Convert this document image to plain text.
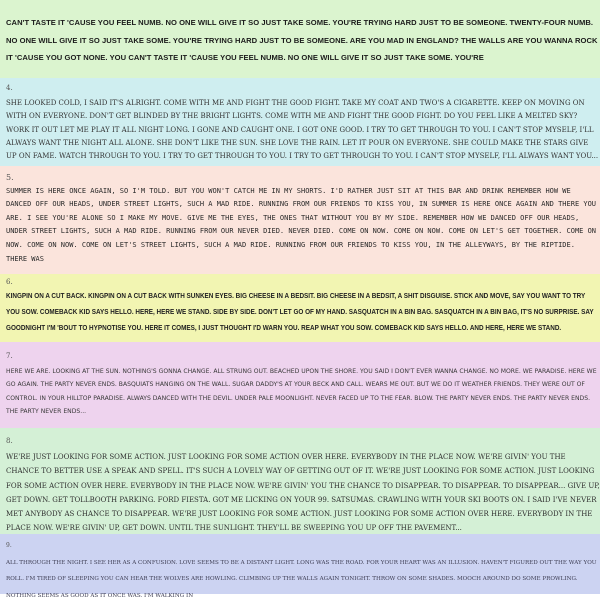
CAN'T TASTE IT 'CAUSE YOU FEEL NUMB. NO ONE WILL GIVE IT SO JUST TAKE SOME. YOU'RE TRYING HARD JUST TO BE SOMEONE. TWENTY-FOUR NUMB. NO ONE WILL GIVE IT SO JUST TAKE SOME. YOU'RE TRYING HARD JUST TO BE SOMEONE. ARE YOU MAD IN ENGLAND? THE WALLS ARE YOU WANNA ROCK IT 'CAUSE YOU GOT NONE. YOU CAN'T TASTE IT 'CAUSE YOU FEEL NUMB. NO ONE WILL GIVE IT SO JUST TAKE SOME. YOU'RE
4.
SHE LOOKED COLD, I SAID IT'S ALRIGHT. COME WITH ME AND FIGHT THE GOOD FIGHT. TAKE MY COAT AND TWO'S A CIGARETTE. KEEP ON MOVING ON WITH ON EVERYONE. DON'T GET BLINDED BY THE BRIGHT LIGHTS. COME WITH ME AND FIGHT THE GOOD FIGHT. DO YOU FEEL LIKE A MELTED SKY? WORK IT OUT LET ME PLAY IT ALL NIGHT LONG. I GONE AND CAUGHT ONE. I GOT ONE GOOD. I TRY TO GET THROUGH TO YOU. I CAN'T STOP MYSELF, I'LL ALWAYS WANT THE NIGHT ALL ALONE. SHE DON'T LIKE THE SUN. SHE LOVE THE RAIN. LET IT POUR ON EVERYONE. SHE COULD MAKE THE STARS GIVE UP ON FAME. WATCH THROUGH TO YOU. I TRY TO GET THROUGH TO YOU. I TRY TO GET THROUGH TO YOU. I CAN'T STOP MYSELF, I'LL ALWAYS WANT YOU...
5.
SUMMER IS HERE ONCE AGAIN, SO I'M TOLD. BUT YOU WON'T CATCH ME IN MY SHORTS. I'D RATHER JUST SIT AT THIS BAR AND DRINK REMEMBER HOW WE DANCED OFF OUR HEADS, UNDER STREET LIGHTS, SUCH A MAD RIDE. RUNNING FROM OUR FRIENDS TO KISS YOU, IN SUMMER IS HERE ONCE AGAIN AND THERE YOU ARE. I SEE YOU'RE ALONE SO I MAKE MY MOVE. GIVE ME THE EYES, THE ONES THAT WITHOUT YOU BY MY SIDE. REMEMBER HOW WE DANCED OFF OUR HEADS, UNDER STREET LIGHTS, SUCH A MAD RIDE. RUNNING FROM OUR NEVER DIED. NEVER DIED. COME ON NOW. COME ON NOW. COME ON LET'S GET TOGETHER. COME ON NOW. COME ON NOW. COME ON LET'S STREET LIGHTS, SUCH A MAD RIDE. RUNNING FROM OUR FRIENDS TO KISS YOU, IN THE ALLEYWAYS, BY THE RIPTIDE. THERE WAS
6.
KINGPIN ON A CUT BACK. KINGPIN ON A CUT BACK WITH SUNKEN EYES. BIG CHEESE IN A BEDSIT. BIG CHEESE IN A BEDSIT, A SHIT DISGUISE. STICK AND MOVE, SAY YOU WANT TO TRY YOU SOW. COMEBACK KID SAYS HELLO. HERE, HERE WE STAND. SIDE BY SIDE. DON'T LET GO OF MY HAND. SASQUATCH IN A BIN BAG. SASQUATCH IN A BIN BAG, IT'S NO SURPRISE. SAY GOODNIGHT I'M 'BOUT TO HYPNOTISE YOU. HERE IT COMES, I JUST THOUGHT I'D WARN YOU. REAP WHAT YOU SOW. COMEBACK KID SAYS HELLO. AND HERE, HERE WE STAND.
7.
HERE WE ARE. LOOKING AT THE SUN. NOTHING'S GONNA CHANGE. ALL STRUNG OUT. BEACHED UPON THE SHORE. YOU SAID I DON'T EVER WANNA CHANGE. NO MORE. WE PARADISE. HERE WE GO AGAIN. THE PARTY NEVER ENDS. BASQUIATS HANGING ON THE WALL. SUGAR DADDY'S AT YOUR BECK AND CALL. WEARS ME OUT. BUT WE DO IT WEATHER FRIENDS. THEY WERE OUT OF CONTROL. IN YOUR HILLTOP PARADISE. ALWAYS DANCED WITH THE DEVIL. UNDER PALE MOONLIGHT. NEVER FACED UP TO THE FEAR. BLOW. THE PARTY NEVER ENDS. THE PARTY NEVER ENDS. THE PARTY NEVER ENDS...
8.
WE'RE JUST LOOKING FOR SOME ACTION. JUST LOOKING FOR SOME ACTION OVER HERE. EVERYBODY IN THE PLACE NOW. WE'RE GIVIN' YOU THE CHANCE TO BETTER USE A SPEAK AND SPELL. IT'S SUCH A LOVELY WAY OF GETTING OUT OF IT. WE'RE JUST LOOKING FOR SOME ACTION. JUST LOOKING FOR SOME ACTION OVER HERE. EVERYBODY IN THE PLACE NOW. WE'RE GIVIN' YOU THE CHANCE TO DISAPPEAR. TO DISAPPEAR. TO DISAPPEAR... GIVE UP, GET DOWN. GET TOLLBOOTH PARKING. FORD FIESTA. GOT ME LICKING ON YOUR 99. SATSUMAS. CRAWLING WITH YOUR SKI BOOTS ON. I SAID I'VE NEVER MET ANYBODY AS CHANCE TO DISAPPEAR. WE'RE JUST LOOKING FOR SOME ACTION. JUST LOOKING FOR SOME ACTION OVER HERE. EVERYBODY IN THE PLACE NOW. WE'RE GIVIN' UP, GET DOWN. UNTIL THE SUNLIGHT. THEY'LL BE SWEEPING YOU UP OFF THE PAVEMENT...
9.
ALL THROUGH THE NIGHT. I SEE HER AS A CONFUSION. LOVE SEEMS TO BE A DISTANT LIGHT. LONG WAS THE ROAD. FOR YOUR HEART WAS AN ILLUSION. HAVEN'T FIGURED OUT THE WAY YOU ROLL. I'M TIRED OF SLEEPING YOU CAN HEAR THE WOLVES ARE HOWLING. CLIMBING UP THE WALLS AGAIN TONIGHT. THROW ON SOME SHADES. MOOCH AROUND DO SOME PROWLING. NOTHING SEEMS AS GOOD AS IT ONCE WAS. I'M WALKING IN
